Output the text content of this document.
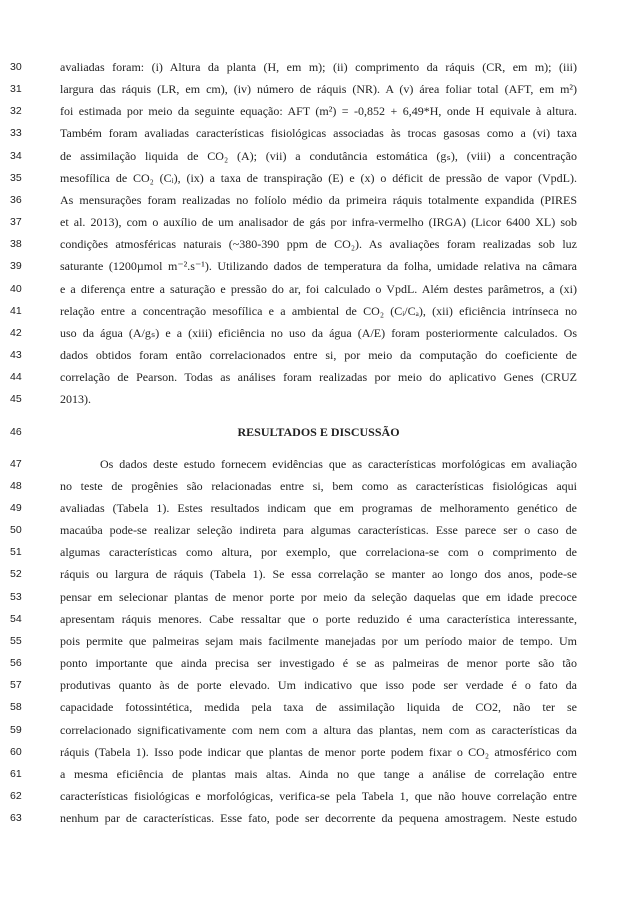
30	avaliadas foram: (i) Altura da planta (H, em m); (ii) comprimento da ráquis (CR, em m); (iii)
31	largura das ráquis (LR, em cm), (iv) número de ráquis (NR). A (v) área foliar total (AFT, em m²)
32	foi estimada por meio da seguinte equação: AFT (m²) = -0,852 + 6,49*H, onde H equivale à altura.
33	Também foram avaliadas características fisiológicas associadas às trocas gasosas como a (vi) taxa
34	de assimilação liquida de CO₂ (A); (vii) a condutância estomática (gₛ), (viii) a concentração
35	mesofílica de CO₂ (Cᵢ), (ix) a taxa de transpiração (E) e (x) o déficit de pressão de vapor (VpdL).
36	As mensurações foram realizadas no folíolo médio da primeira ráquis totalmente expandida (PIRES
37	et al. 2013), com o auxílio de um analisador de gás por infra-vermelho (IRGA) (Licor 6400 XL) sob
38	condições atmosféricas naturais (~380-390 ppm de CO₂). As avaliações foram realizadas sob luz
39	saturante (1200µmol m⁻².s⁻¹). Utilizando dados de temperatura da folha, umidade relativa na câmara
40	e a diferença entre a saturação e pressão do ar, foi calculado o VpdL. Além destes parâmetros, a (xi)
41	relação entre a concentração mesofílica e a ambiental de CO₂ (Cᵢ/Cₐ), (xii) eficiência intrínseca no
42	uso da água (A/gₛ) e a (xiii) eficiência no uso da água (A/E) foram posteriormente calculados. Os
43	dados obtidos foram então correlacionados entre si, por meio da computação do coeficiente de
44	correlação de Pearson. Todas as análises foram realizadas por meio do aplicativo Genes (CRUZ
45	2013).
46	RESULTADOS E DISCUSSÃO
47	Os dados deste estudo fornecem evidências que as características morfológicas em avaliação
48	no teste de progênies são relacionadas entre si, bem como as características fisiológicas aqui
49	avaliadas (Tabela 1). Estes resultados indicam que em programas de melhoramento genético de
50	macaúba pode-se realizar seleção indireta para algumas características. Esse parece ser o caso de
51	algumas características como altura, por exemplo, que correlaciona-se com o comprimento de
52	ráquis ou largura de ráquis (Tabela 1). Se essa correlação se manter ao longo dos anos, pode-se
53	pensar em selecionar plantas de menor porte por meio da seleção daquelas que em idade precoce
54	apresentam ráquis menores. Cabe ressaltar que o porte reduzido é uma característica interessante,
55	pois permite que palmeiras sejam mais facilmente manejadas por um período maior de tempo. Um
56	ponto importante que ainda precisa ser investigado é se as palmeiras de menor porte são tão
57	produtivas quanto às de porte elevado. Um indicativo que isso pode ser verdade é o fato da
58	capacidade fotossintética, medida pela taxa de assimilação liquida de CO2, não ter se
59	correlacionado significativamente com nem com a altura das plantas, nem com as características da
60	ráquis (Tabela 1). Isso pode indicar que plantas de menor porte podem fixar o CO₂ atmosférico com
61	a mesma eficiência de plantas mais altas. Ainda no que tange a análise de correlação entre
62	características fisiológicas e morfológicas, verifica-se pela Tabela 1, que não houve correlação entre
63	nenhum par de características. Esse fato, pode ser decorrente da pequena amostragem. Neste estudo
